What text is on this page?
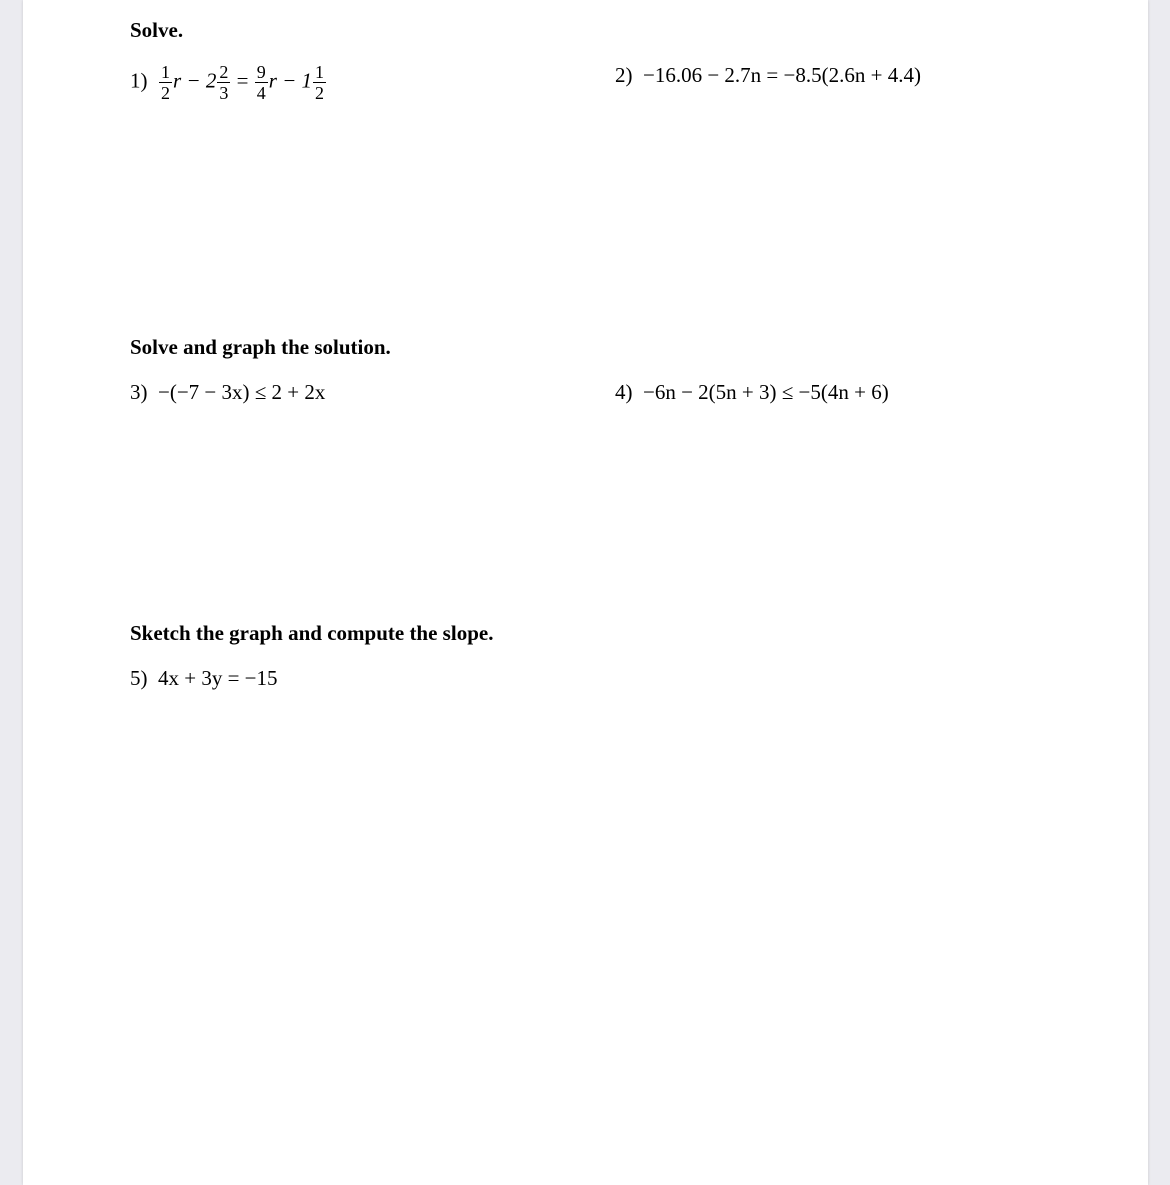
Solve.
$1) \frac{1}{2}$ $r - 2 \frac{2}{3} = \frac{9}{4}$ $r - 1 \frac{1}{2}$	2) −16.06 − 2.7n = −8.5(2.6n + 4.4)
Solve and graph the solution.
3) −(−7 − 3x) ≤ 2 + 2x	4) −6n − 2(5n + 3) ≤ −5(4n + 6)
Sketch the graph and compute the slope.
5) 4x + 3y = −15
